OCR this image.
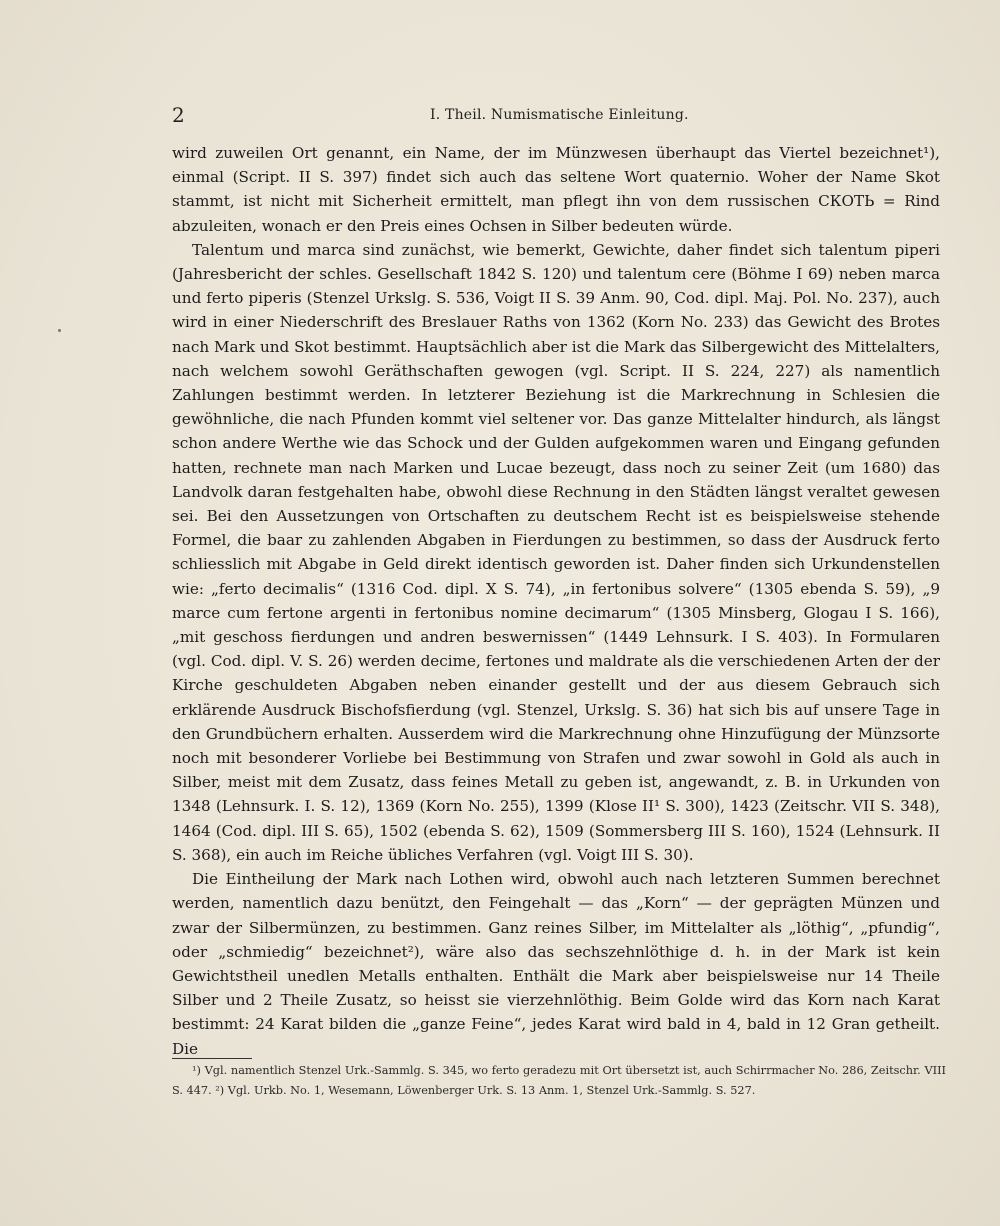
2	I. Theil. Numismatische Einleitung.

wird zuweilen Ort genannt, ein Name, der im Münzwesen überhaupt das Viertel bezeichnet¹), einmal (Script. II S. 397) findet sich auch das seltene Wort quaternio. Woher der Name Skot stammt, ist nicht mit Sicherheit ermittelt, man pflegt ihn von dem russischen СКОТЬ = Rind abzuleiten, wonach er den Preis eines Ochsen in Silber bedeuten würde.

Talentum und marca sind zunächst, wie bemerkt, Gewichte, daher findet sich talentum piperi (Jahresbericht der schles. Gesellschaft 1842 S. 120) und talentum cere (Böhme I 69) neben marca und ferto piperis (Stenzel Urkslg. S. 536, Voigt II S. 39 Anm. 90, Cod. dipl. Maj. Pol. No. 237), auch wird in einer Niederschrift des Breslauer Raths von 1362 (Korn No. 233) das Gewicht des Brotes nach Mark und Skot bestimmt. Hauptsächlich aber ist die Mark das Silbergewicht des Mittelalters, nach welchem sowohl Geräthschaften gewogen (vgl. Script. II S. 224, 227) als namentlich Zahlungen bestimmt werden. In letzterer Beziehung ist die Markrechnung in Schlesien die gewöhnliche, die nach Pfunden kommt viel seltener vor. Das ganze Mittelalter hindurch, als längst schon andere Werthe wie das Schock und der Gulden aufgekommen waren und Eingang gefunden hatten, rechnete man nach Marken und Lucae bezeugt, dass noch zu seiner Zeit (um 1680) das Landvolk daran festgehalten habe, obwohl diese Rechnung in den Städten längst veraltet gewesen sei. Bei den Aussetzungen von Ortschaften zu deutschem Recht ist es beispielsweise stehende Formel, die baar zu zahlenden Abgaben in Fierdungen zu bestimmen, so dass der Ausdruck ferto schliesslich mit Abgabe in Geld direkt identisch geworden ist. Daher finden sich Urkundenstellen wie: „ferto decimalis“ (1316 Cod. dipl. X S. 74), „in fertonibus solvere“ (1305 ebenda S. 59), „9 marce cum fertone argenti in fertonibus nomine decimarum“ (1305 Minsberg, Glogau I S. 166), „mit geschoss fierdungen und andren beswernissen“ (1449 Lehnsurk. I S. 403). In Formularen (vgl. Cod. dipl. V. S. 26) werden decime, fertones und maldrate als die verschiedenen Arten der der Kirche geschuldeten Abgaben neben einander gestellt und der aus diesem Gebrauch sich erklärende Ausdruck Bischofsfierdung (vgl. Stenzel, Urkslg. S. 36) hat sich bis auf unsere Tage in den Grundbüchern erhalten. Ausserdem wird die Markrechnung ohne Hinzufügung der Münzsorte noch mit besonderer Vorliebe bei Bestimmung von Strafen und zwar sowohl in Gold als auch in Silber, meist mit dem Zusatz, dass feines Metall zu geben ist, angewandt, z. B. in Urkunden von 1348 (Lehnsurk. I. S. 12), 1369 (Korn No. 255), 1399 (Klose II¹ S. 300), 1423 (Zeitschr. VII S. 348), 1464 (Cod. dipl. III S. 65), 1502 (ebenda S. 62), 1509 (Sommersberg III S. 160), 1524 (Lehnsurk. II S. 368), ein auch im Reiche übliches Verfahren (vgl. Voigt III S. 30).

Die Eintheilung der Mark nach Lothen wird, obwohl auch nach letzteren Summen berechnet werden, namentlich dazu benützt, den Feingehalt — das „Korn“ — der geprägten Münzen und zwar der Silbermünzen, zu bestimmen. Ganz reines Silber, im Mittelalter als „löthig“, „pfundig“, oder „schmiedig“ bezeichnet²), wäre also das sechszehnlöthige d. h. in der Mark ist kein Gewichtstheil unedlen Metalls enthalten. Enthält die Mark aber beispielsweise nur 14 Theile Silber und 2 Theile Zusatz, so heisst sie vierzehnlöthig. Beim Golde wird das Korn nach Karat bestimmt: 24 Karat bilden die „ganze Feine“, jedes Karat wird bald in 4, bald in 12 Gran getheilt. Die

¹) Vgl. namentlich Stenzel Urk.-Sammlg. S. 345, wo ferto geradezu mit Ort übersetzt ist, auch Schirrmacher No. 286, Zeitschr. VIII S. 447. ²) Vgl. Urkb. No. 1, Wesemann, Löwenberger Urk. S. 13 Anm. 1, Stenzel Urk.-Sammlg. S. 527.
